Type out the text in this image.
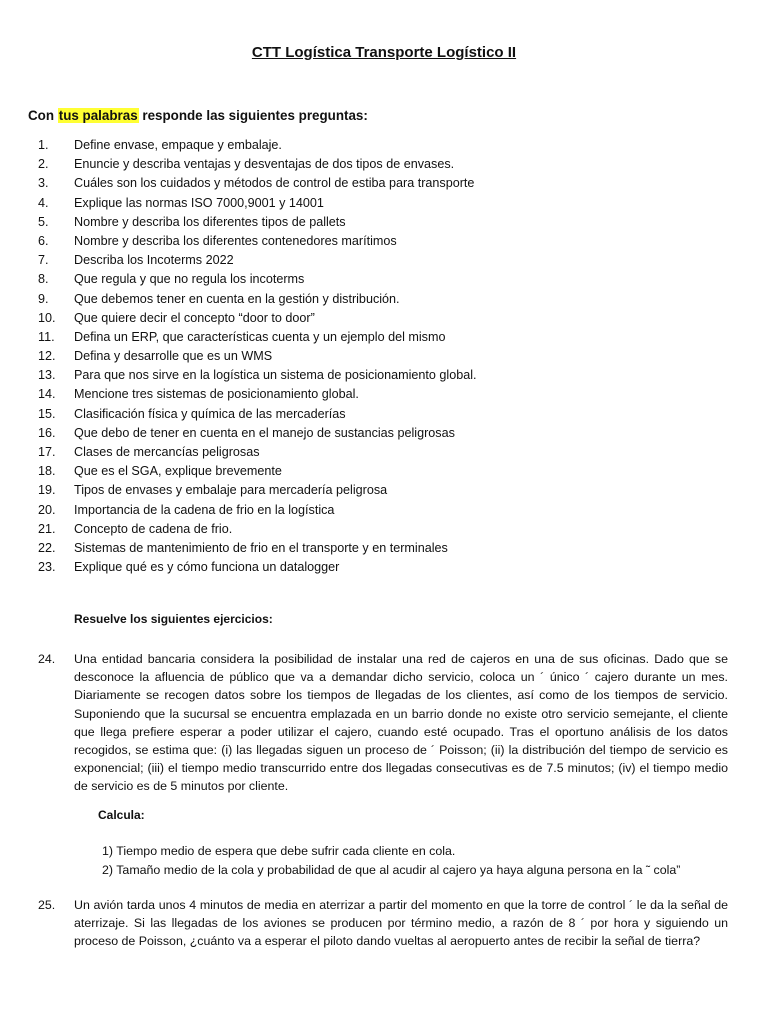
CTT Logística Transporte Logístico II
Con tus palabras responde las siguientes preguntas:
1.	Define envase, empaque y embalaje.
2.	Enuncie y describa ventajas y desventajas de dos tipos de envases.
3.	Cuáles son los cuidados y métodos de control de estiba para transporte
4.	Explique las normas ISO 7000,9001 y 14001
5.	Nombre y describa los diferentes tipos de pallets
6.	Nombre y describa los diferentes contenedores marítimos
7.	Describa los Incoterms 2022
8.	Que regula y que no regula los incoterms
9.	Que debemos tener en cuenta en la gestión y distribución.
10.	Que quiere decir el concepto “door to door”
11.	Defina un ERP, que características cuenta y un ejemplo del mismo
12.	Defina y desarrolle que es un WMS
13.	Para que nos sirve en la logística un sistema de posicionamiento global.
14.	Mencione tres sistemas de posicionamiento global.
15.	Clasificación física y química de las mercaderías
16.	Que debo de tener en cuenta en el manejo de sustancias peligrosas
17.	Clases de mercancías peligrosas
18.	Que es el SGA, explique brevemente
19.	Tipos de envases y embalaje para mercadería peligrosa
20.	Importancia de la cadena de frio en la logística
21.	Concepto de cadena de frio.
22.	Sistemas de mantenimiento de frio en el transporte y en terminales
23.	Explique qué es y cómo funciona un datalogger
Resuelve los siguientes ejercicios:
24.	Una entidad bancaria considera la posibilidad de instalar una red de cajeros en una de sus oficinas. Dado que se desconoce la afluencia de público que va a demandar dicho servicio, coloca un ´ único ´ cajero durante un mes. Diariamente se recogen datos sobre los tiempos de llegadas de los clientes, así como de los tiempos de servicio. Suponiendo que la sucursal se encuentra emplazada en un barrio donde no existe otro servicio semejante, el cliente que llega prefiere esperar a poder utilizar el cajero, cuando esté ocupado. Tras el oportuno análisis de los datos recogidos, se estima que: (i) las llegadas siguen un proceso de ´ Poisson; (ii) la distribución del tiempo de servicio es exponencial; (iii) el tiempo medio transcurrido entre dos llegadas consecutivas es de 7.5 minutos; (iv) el tiempo medio de servicio es de 5 minutos por cliente.
Calcula:
1) Tiempo medio de espera que debe sufrir cada cliente en cola.
2) Tamaño medio de la cola y probabilidad de que al acudir al cajero ya haya alguna persona en la ˜ cola”
25.	Un avión tarda unos 4 minutos de media en aterrizar a partir del momento en que la torre de control ´ le da la señal de aterrizaje. Si las llegadas de los aviones se producen por término medio, a razón de 8 ´ por hora y siguiendo un proceso de Poisson, ¿cuánto va a esperar el piloto dando vueltas al aeropuerto antes de recibir la señal de tierra?
